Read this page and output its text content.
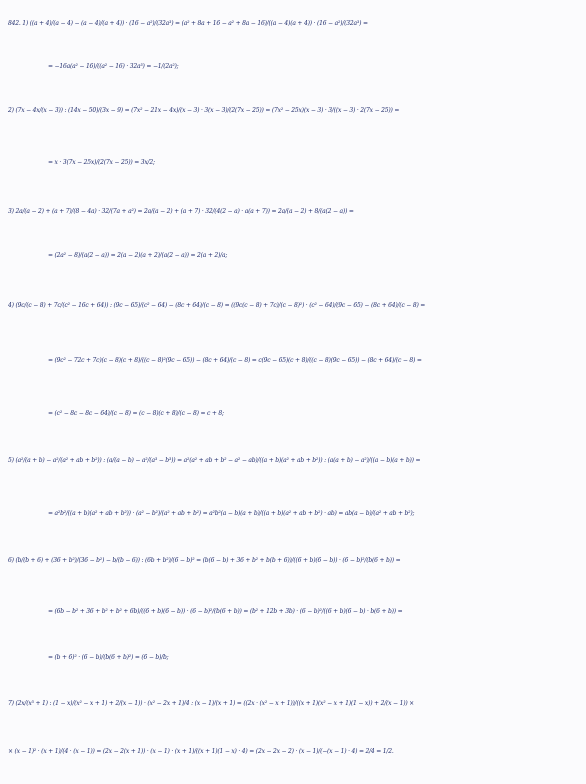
842. 1) ((a + 4)/(a − 4) − (a − 4)/(a + 4)) · (16 − a²)/(32a³) = (a² + 8a + 16 − a² + 8a − 16)/((a − 4)(a + 4)) · (16 − a²)/(32a³) =
= −16a(a² − 16)/((a² − 16) · 32a³) = −1/(2a²);
2) (7x − 4x/(x − 3)) : (14x − 50)/(3x − 9) = (7x² − 21x − 4x)/(x − 3) · 3(x − 3)/(2(7x − 25)) = (7x² − 25x)(x − 3) · 3/((x − 3) · 2(7x − 25)) =
= x · 3(7x − 25x)/(2(7x − 25)) = 3x/2;
3) 2a/(a − 2) + (a + 7)/(8 − 4a) · 32/(7a + a²) = 2a/(a − 2) + (a + 7) · 32/(4(2 − a) · a(a + 7)) = 2a/(a − 2) + 8/(a(2 − a)) =
= (2a² − 8)/(a(2 − a)) = 2(a − 2)(a + 2)/(a(2 − a)) = 2(a + 2)/a;
4) (9c/(c − 8) + 7c/(c² − 16c + 64)) : (9c − 65)/(c² − 64) − (8c + 64)/(c − 8) = ((9c(c − 8) + 7c)/(c − 8)²) · (c² − 64)/(9c − 65) − (8c + 64)/(c − 8) =
= (9c² − 72c + 7c)(c − 8)(c + 8)/((c − 8)²(9c − 65)) − (8c + 64)/(c − 8) = c(9c − 65)(c + 8)/((c − 8)(9c − 65)) − (8c + 64)/(c − 8) =
= (c² − 8c − 8c − 64)/(c − 8) = (c − 8)(c + 8)/(c − 8) = c + 8;
5) (a²/(a + b) − a²/(a² + ab + b²)) : (a/(a − b) − a²/(a³ − b³)) = a²(a² + ab + b² − a² − ab)/((a + b)(a² + ab + b²)) : (a(a + b) − a²)/((a − b)(a + b)) =
= a²b²/((a + b)(a² + ab + b²)) · (a² − b²)/(a² + ab + b²) = a²b²(a − b)(a + b)/((a + b)(a² + ab + b²) · ab) = ab(a − b)/(a² + ab + b²);
6) (b/(b + 6) + (36 + b²)/(36 − b²) − b/(b − 6)) : (6b + b²)/(6 − b)² = (b(6 − b) + 36 + b² + b(b + 6))/((6 + b)(6 − b)) · (6 − b)²/(b(6 + b)) =
= (6b − b² + 36 + b² + b² + 6b)/((6 + b)(6 − b)) · (6 − b)²/(b(6 + b)) = (b² + 12b + 3b) · (6 − b)²/((6 + b)(6 − b) · b(6 + b)) =
= (b + 6)² · (6 − b)/(b(6 + b)²) = (6 − b)/b;
7) (2x/(x³ + 1) : (1 − x)/(x² − x + 1) + 2/(x − 1)) · (x² − 2x + 1)/4 : (x − 1)/(x + 1) = ((2x · (x² − x + 1))/((x + 1)(x² − x + 1)(1 − x)) + 2/(x − 1)) ×
× (x − 1)² · (x + 1)/(4 · (x − 1)) = (2x − 2(x + 1)) · (x − 1) · (x + 1)/((x + 1)(1 − x) · 4) = (2x − 2x − 2) · (x − 1)/(−(x − 1) · 4) = 2/4 = 1/2.
